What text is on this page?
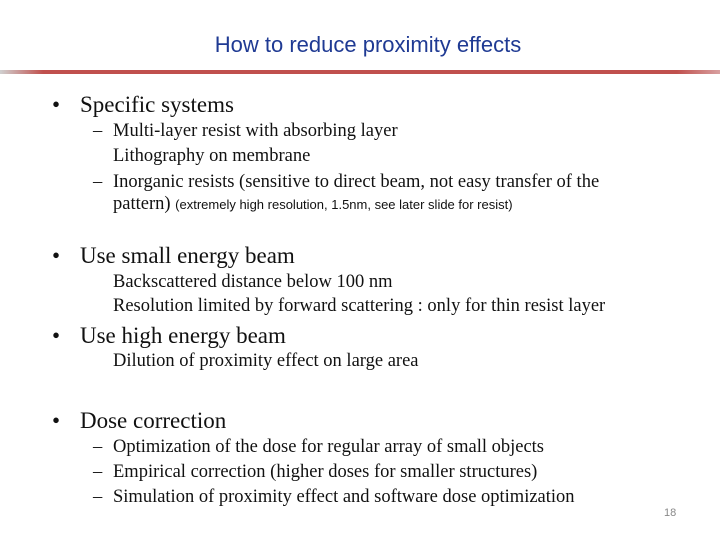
How to reduce proximity effects
• Specific systems
– Multi-layer resist with absorbing layer
Lithography on membrane
– Inorganic resists (sensitive to direct beam, not easy transfer of the
pattern) (extremely high resolution, 1.5nm, see later slide for resist)
• Use small energy beam
Backscattered distance below 100 nm
Resolution limited by forward scattering : only for thin resist layer
• Use high energy beam
Dilution of proximity effect on large area
• Dose correction
– Optimization of the dose for regular array of small objects
– Empirical correction (higher doses for smaller structures)
– Simulation of proximity effect and software dose optimization
18
